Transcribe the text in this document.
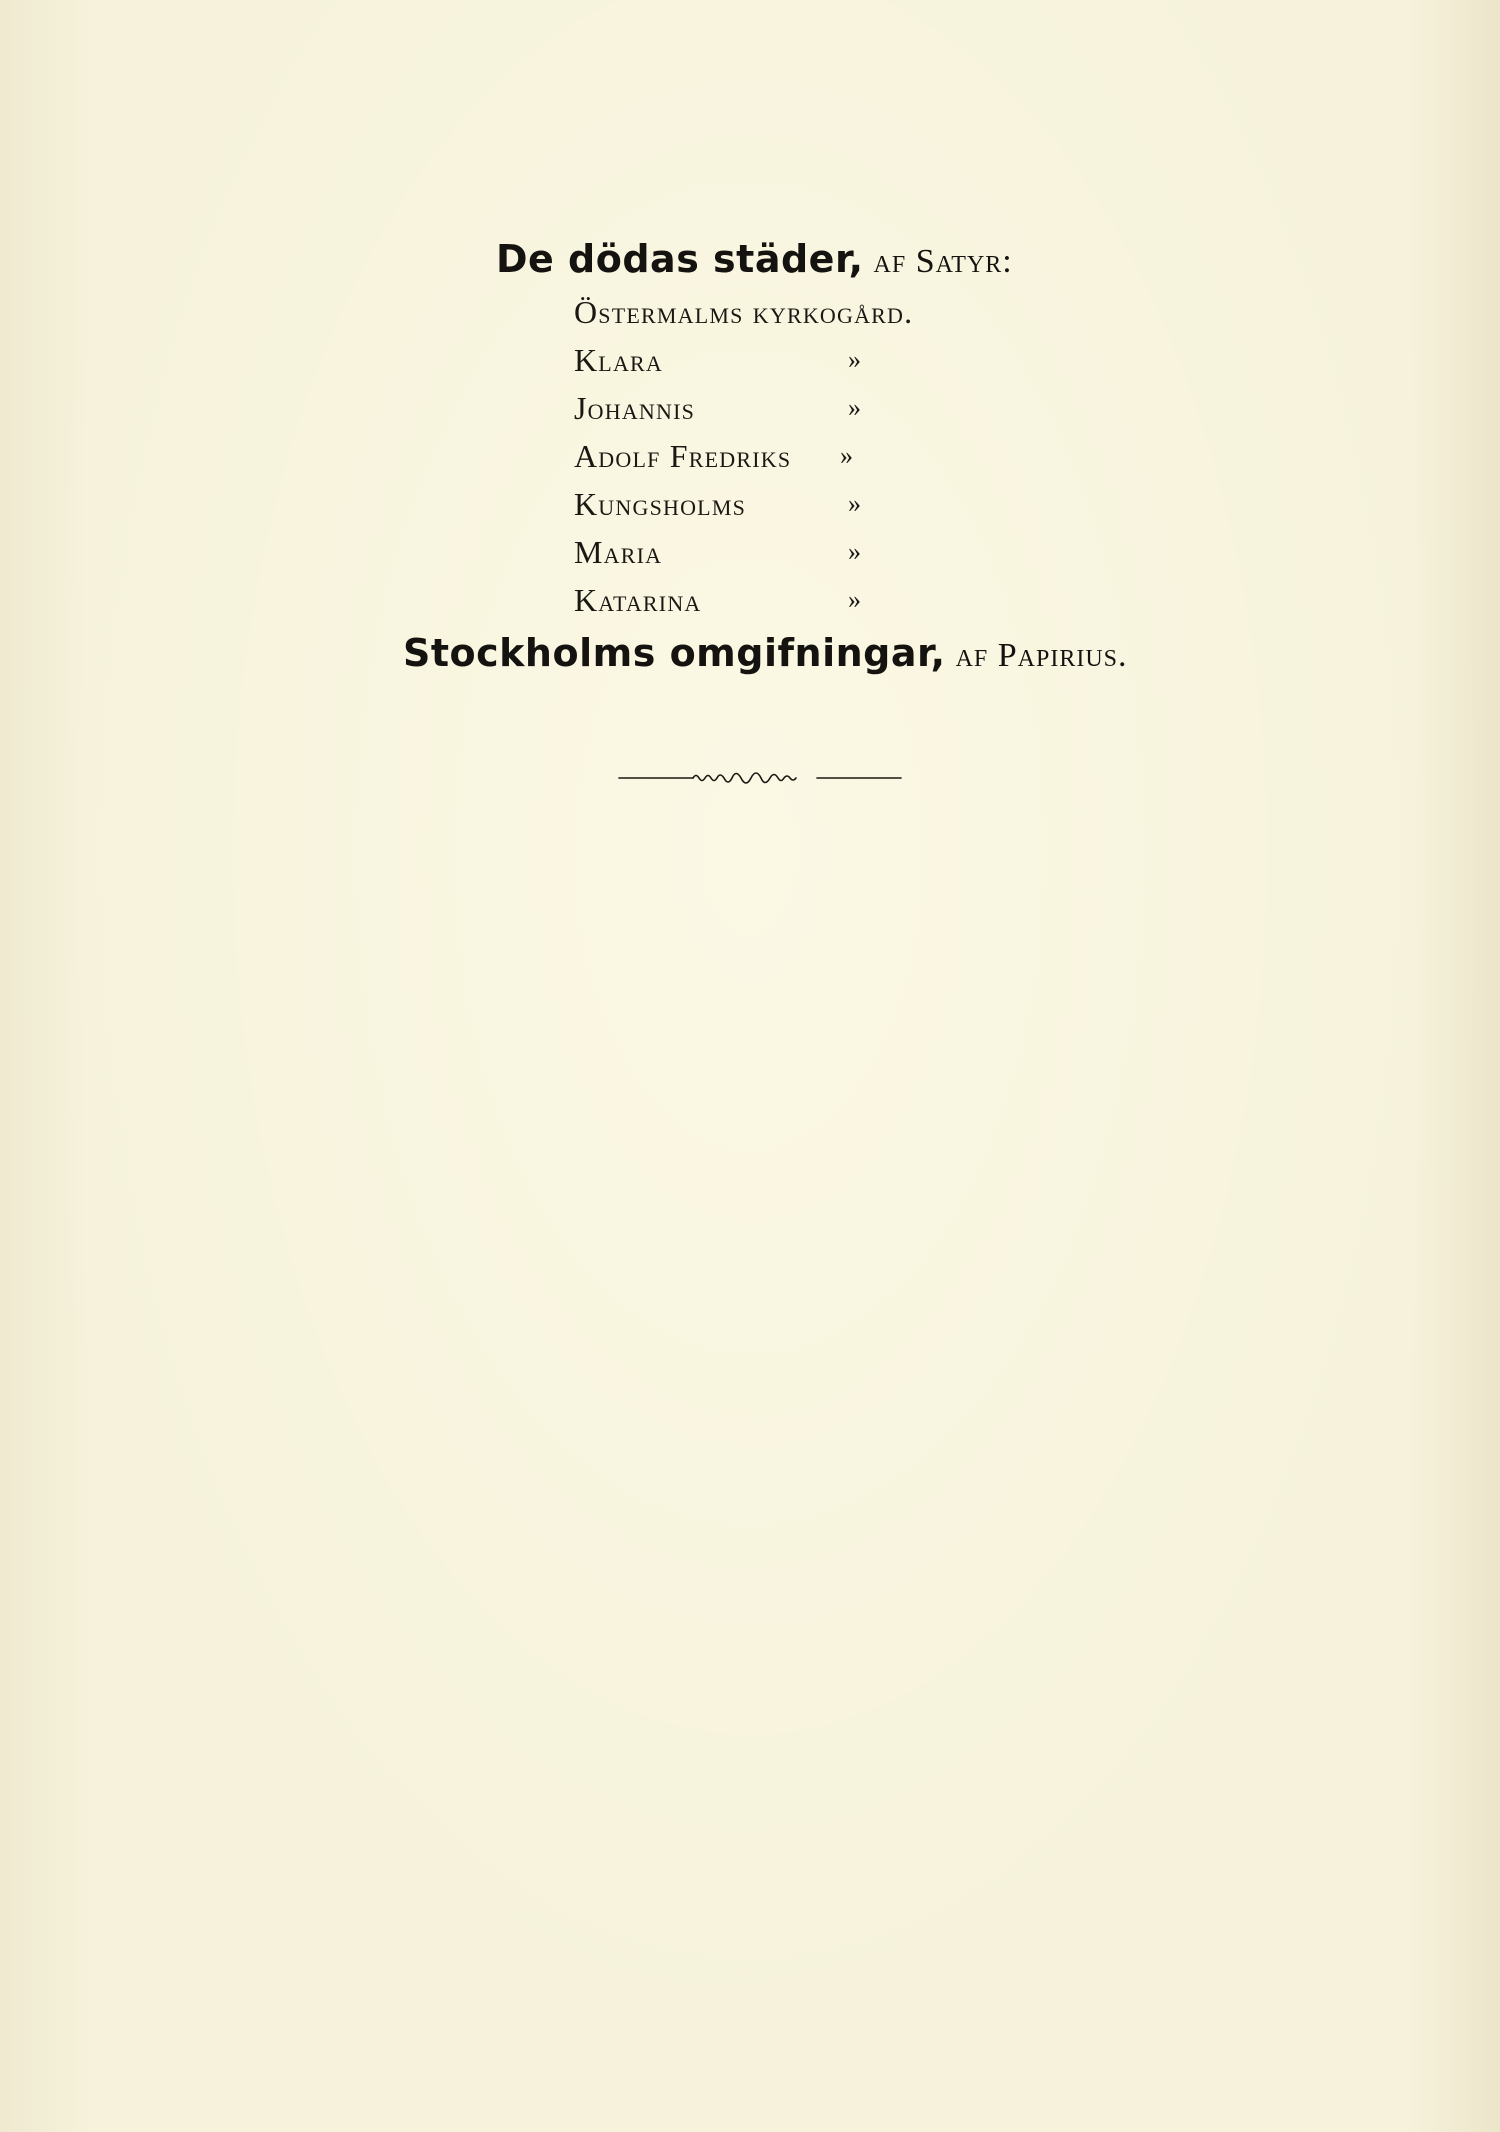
De dödas städer, af Satyr:
Östermalms kyrkogård.
Klara	»
Johannis	»
Adolf Fredriks »
Kungsholms	»
Maria	»
Katarina	»
Stockholms omgifningar, af Papirius.
